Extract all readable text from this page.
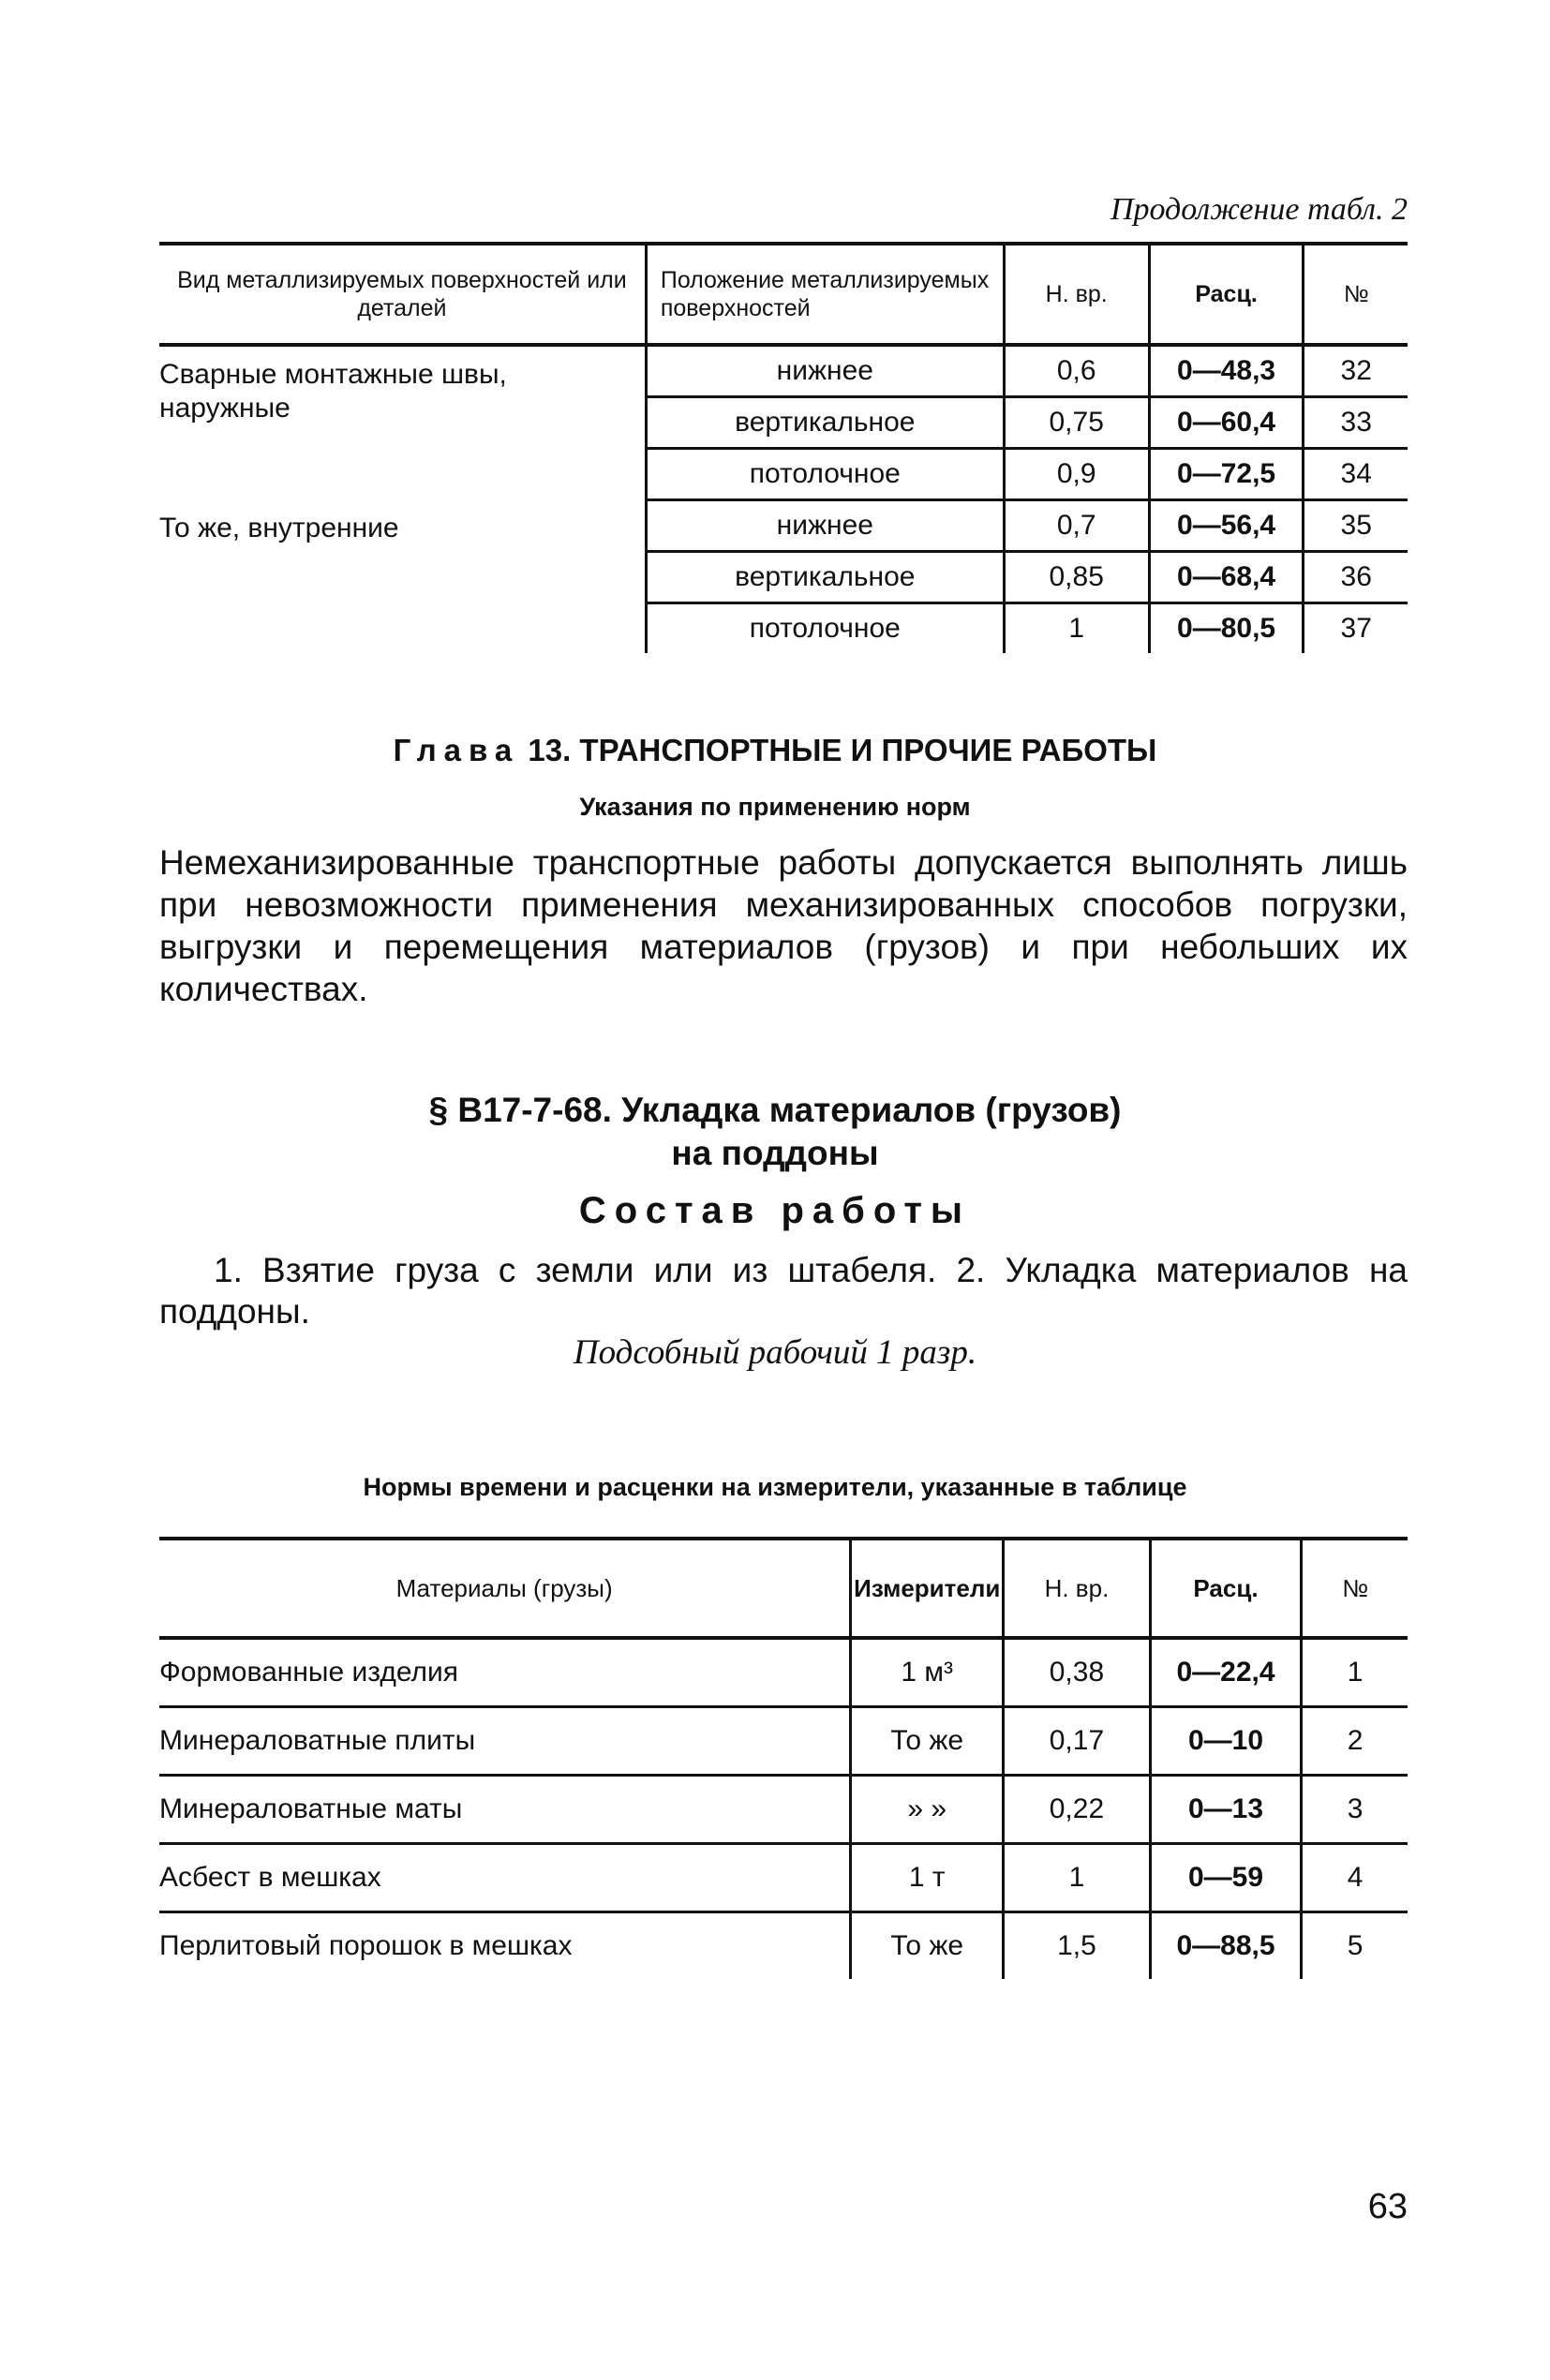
Продолжение табл. 2
Вид металлизируемых поверхностей или деталей	Положение металлизируемых поверхностей	Н. вр.	Расц.	№
Сварные монтажные швы, наружные	нижнее	0,6	0—48,3	32
	вертикальное	0,75	0—60,4	33
	потолочное	0,9	0—72,5	34
То же, внутренние	нижнее	0,7	0—56,4	35
	вертикальное	0,85	0—68,4	36
	потолочное	1	0—80,5	37
Глава 13. ТРАНСПОРТНЫЕ И ПРОЧИЕ РАБОТЫ
Указания по применению норм
Немеханизированные транспортные работы допускается выполнять лишь при невозможности применения механизированных способов погрузки, выгрузки и перемещения материалов (грузов) и при небольших их количествах.
§ В17-7-68. Укладка материалов (грузов)
на поддоны
Состав работы
1. Взятие груза с земли или из штабеля. 2. Укладка материалов на поддоны.
Подсобный рабочий 1 разр.
Нормы времени и расценки на измерители, указанные в таблице
Материалы (грузы)	Измерители	Н. вр.	Расц.	№
Формованные изделия	1 м³	0,38	0—22,4	1
Минераловатные плиты	То же	0,17	0—10	2
Минераловатные маты	» »	0,22	0—13	3
Асбест в мешках	1 т	1	0—59	4
Перлитовый порошок в мешках	То же	1,5	0—88,5	5
63
